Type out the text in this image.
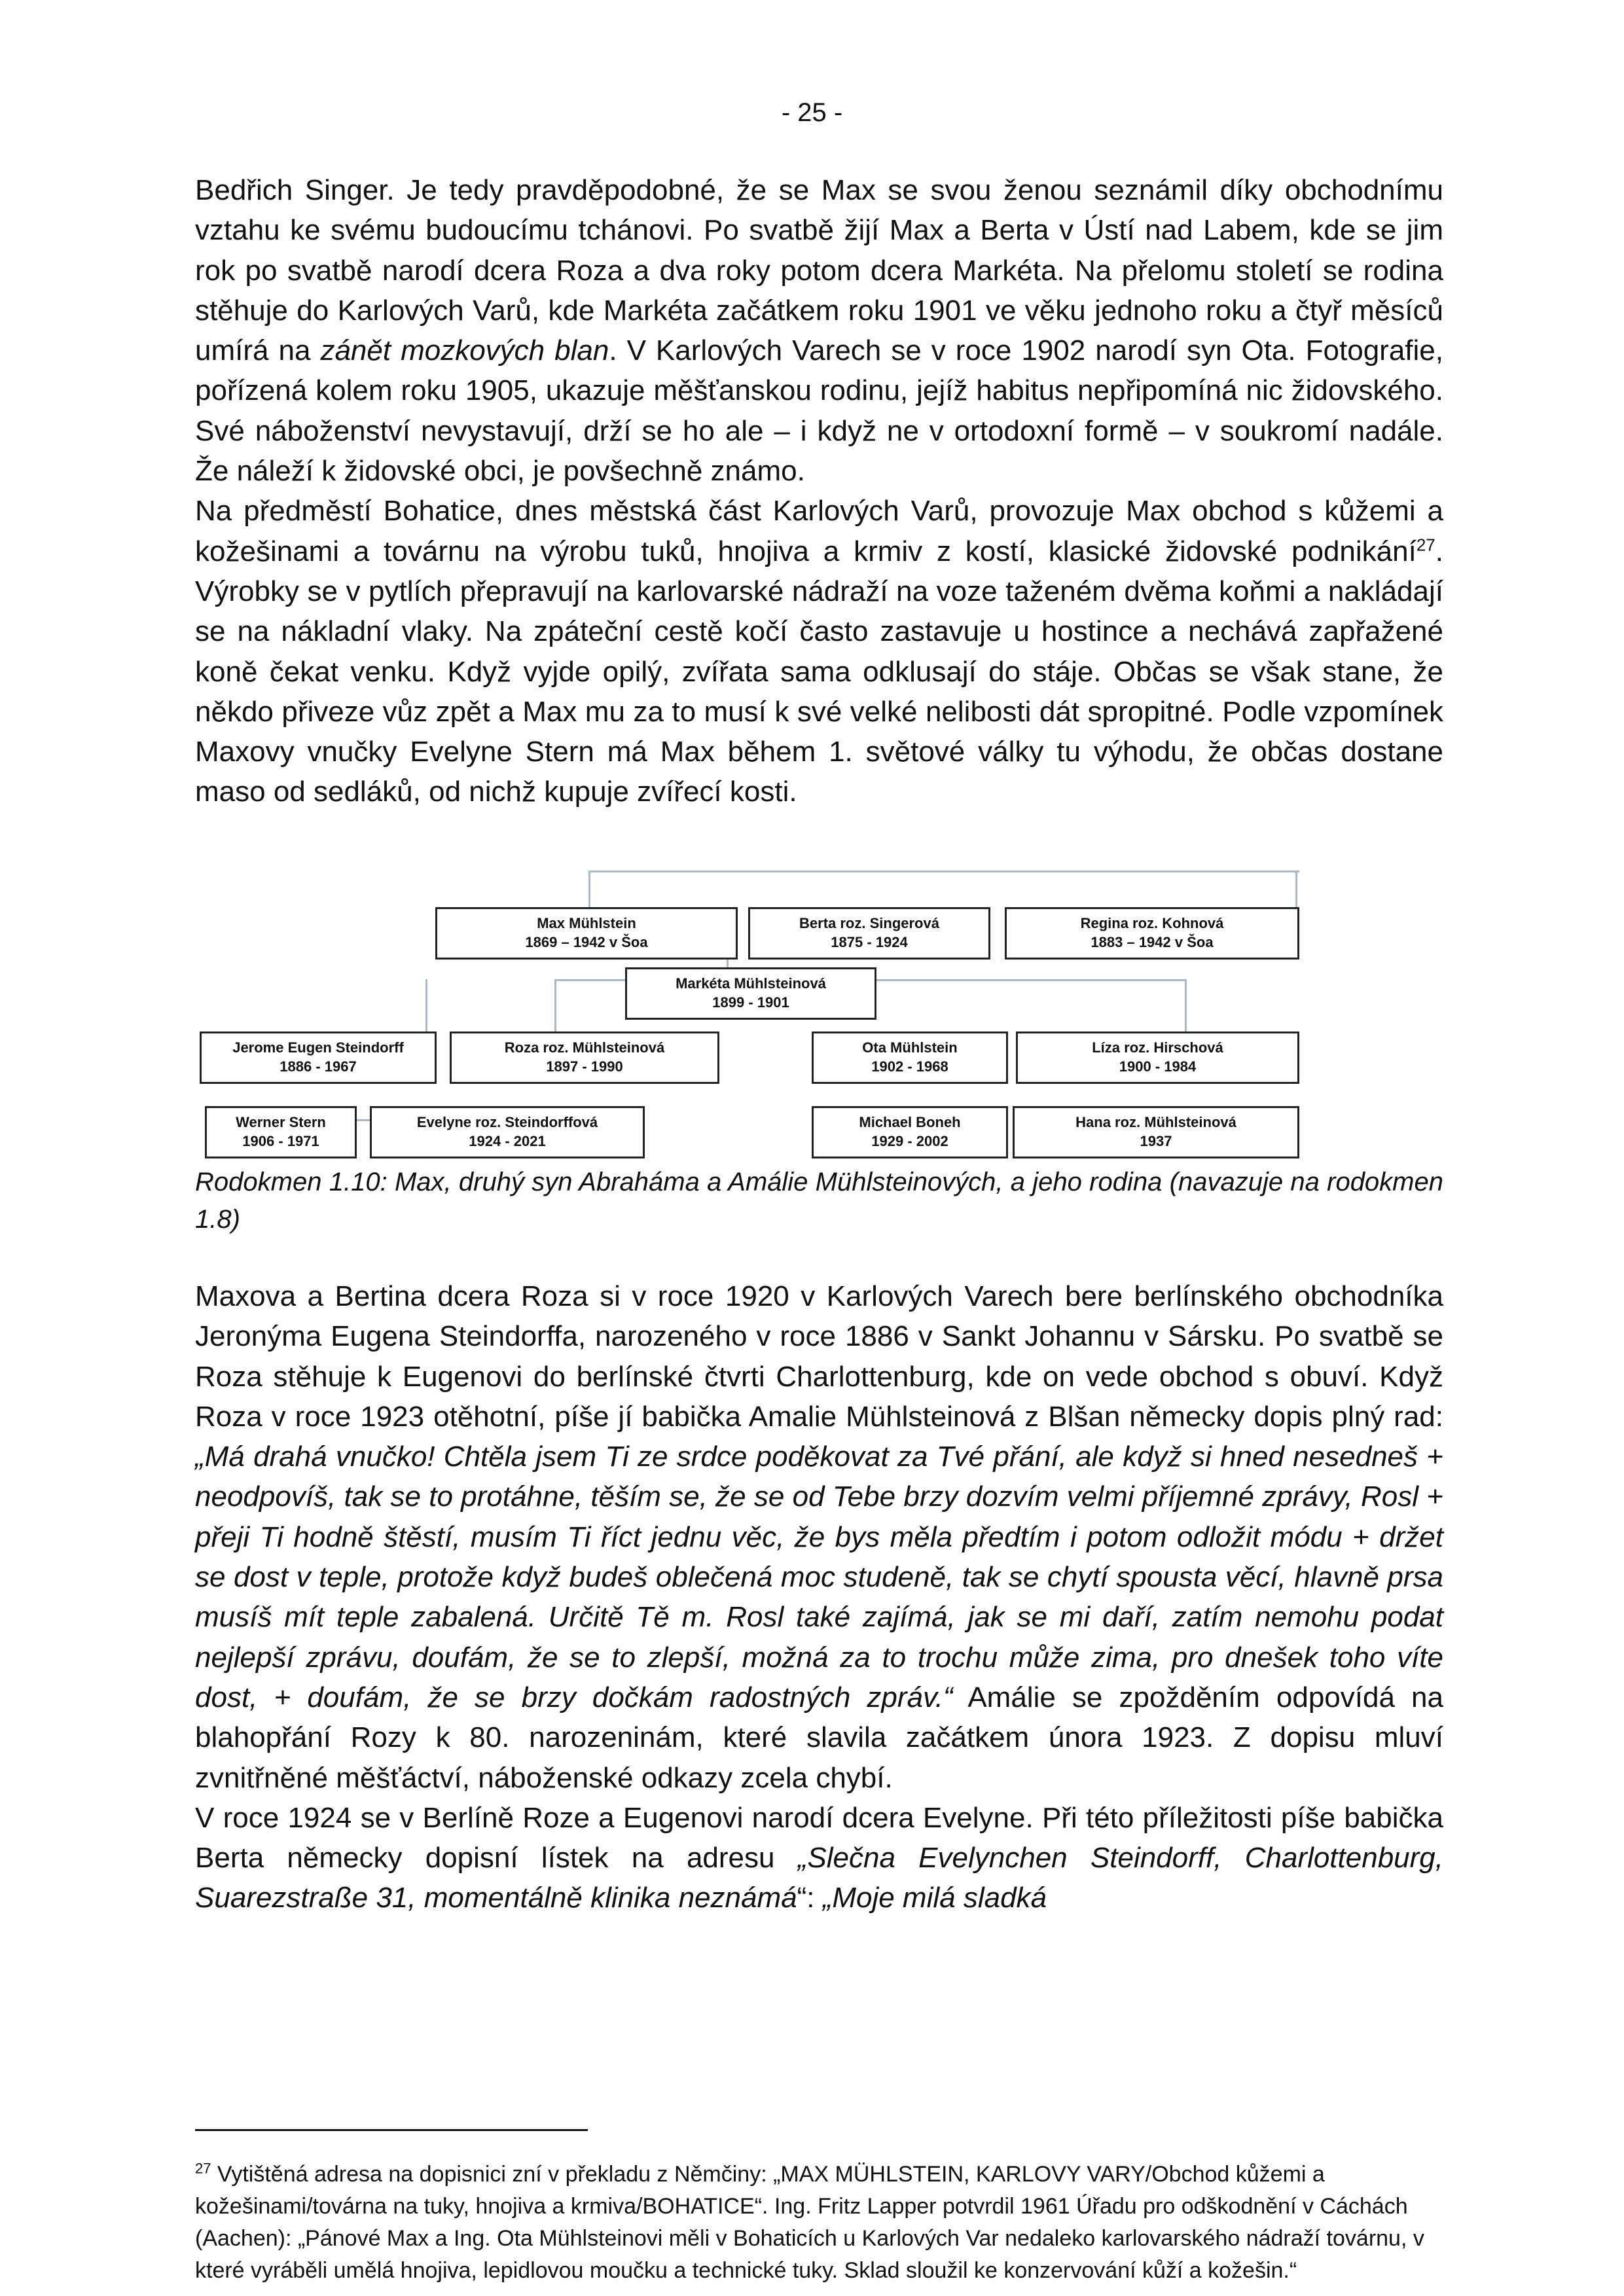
- 25 -

Bedřich Singer. Je tedy pravděpodobné, že se Max se svou ženou seznámil díky obchodnímu vztahu ke svému budoucímu tchánovi. Po svatbě žijí Max a Berta v Ústí nad Labem, kde se jim rok po svatbě narodí dcera Roza a dva roky potom dcera Markéta. Na přelomu století se rodina stěhuje do Karlových Varů, kde Markéta začátkem roku 1901 ve věku jednoho roku a čtyř měsíců umírá na zánět mozkových blan. V Karlových Varech se v roce 1902 narodí syn Ota. Fotografie, pořízená kolem roku 1905, ukazuje měšťanskou rodinu, jejíž habitus nepřipomíná nic židovského. Své náboženství nevystavují, drží se ho ale – i když ne v ortodoxní formě – v soukromí nadále. Že náleží k židovské obci, je povšechně známo.

Na předměstí Bohatice, dnes městská část Karlových Varů, provozuje Max obchod s kůžemi a kožešinami a továrnu na výrobu tuků, hnojiva a krmiv z kostí, klasické židovské podnikání$^{27}$. Výrobky se v pytlích přepravují na karlovarské nádraží na voze taženém dvěma koňmi a nakládají se na nákladní vlaky. Na zpáteční cestě kočí často zastavuje u hostince a nechává zapřažené koně čekat venku. Když vyjde opilý, zvířata sama odklusají do stáje. Občas se však stane, že někdo přiveze vůz zpět a Max mu za to musí k své velké nelibosti dát spropitné. Podle vzpomínek Maxovy vnučky Evelyne Stern má Max během 1. světové války tu výhodu, že občas dostane maso od sedláků, od nichž kupuje zvířecí kosti.

Max Mühlstein
1869 – 1942 v Šoa
Berta roz. Singerová
1875 - 1924
Regina roz. Kohnová
1883 – 1942 v Šoa
Markéta Mühlsteinová
1899 - 1901
Jerome Eugen Steindorff
1886 - 1967
Roza roz. Mühlsteinová
1897 - 1990
Ota Mühlstein
1902 - 1968
Líza roz. Hirschová
1900 - 1984
Werner Stern
1906 - 1971
Evelyne roz. Steindorffová
1924 - 2021
Michael Boneh
1929 - 2002
Hana roz. Mühlsteinová
1937
Rodokmen 1.10: Max, druhý syn Abraháma a Amálie Mühlsteinových, a jeho rodina (navazuje na rodokmen 1.8)

Maxova a Bertina dcera Roza si v roce 1920 v Karlových Varech bere berlínského obchodníka Jeronýma Eugena Steindorffa, narozeného v roce 1886 v Sankt Johannu v Sársku. Po svatbě se Roza stěhuje k Eugenovi do berlínské čtvrti Charlottenburg, kde on vede obchod s obuví. Když Roza v roce 1923 otěhotní, píše jí babička Amalie Mühlsteinová z Blšan německy dopis plný rad: „Má drahá vnučko! Chtěla jsem Ti ze srdce poděkovat za Tvé přání, ale když si hned nesedneš + neodpovíš, tak se to protáhne, těším se, že se od Tebe brzy dozvím velmi příjemné zprávy, Rosl + přeji Ti hodně štěstí, musím Ti říct jednu věc, že bys měla předtím i potom odložit módu + držet se dost v teple, protože když budeš oblečená moc studeně, tak se chytí spousta věcí, hlavně prsa musíš mít teple zabalená. Určitě Tě m. Rosl také zajímá, jak se mi daří, zatím nemohu podat nejlepší zprávu, doufám, že se to zlepší, možná za to trochu může zima, pro dnešek toho víte dost, + doufám, že se brzy dočkám radostných zpráv.“ Amálie se zpožděním odpovídá na blahopřání Rozy k 80. narozeninám, které slavila začátkem února 1923. Z dopisu mluví zvnitřněné měšťáctví, náboženské odkazy zcela chybí.

V roce 1924 se v Berlíně Roze a Eugenovi narodí dcera Evelyne. Při této příležitosti píše babička Berta německy dopisní lístek na adresu „Slečna Evelynchen Steindorff, Charlottenburg, Suarezstraße 31, momentálně klinika neznámá“: „Moje milá sladká

$^{27}$ Vytištěná adresa na dopisnici zní v překladu z Němčiny: „MAX MÜHLSTEIN, KARLOVY VARY/Obchod kůžemi a kožešinami/továrna na tuky, hnojiva a krmiva/BOHATICE“. Ing. Fritz Lapper potvrdil 1961 Úřadu pro odškodnění v Cáchách (Aachen): „Pánové Max a Ing. Ota Mühlsteinovi měli v Bohaticích u Karlových Var nedaleko karlovarského nádraží továrnu, v které vyráběli umělá hnojiva, lepidlovou moučku a technické tuky. Sklad sloužil ke konzervování kůží a kožešin.“
